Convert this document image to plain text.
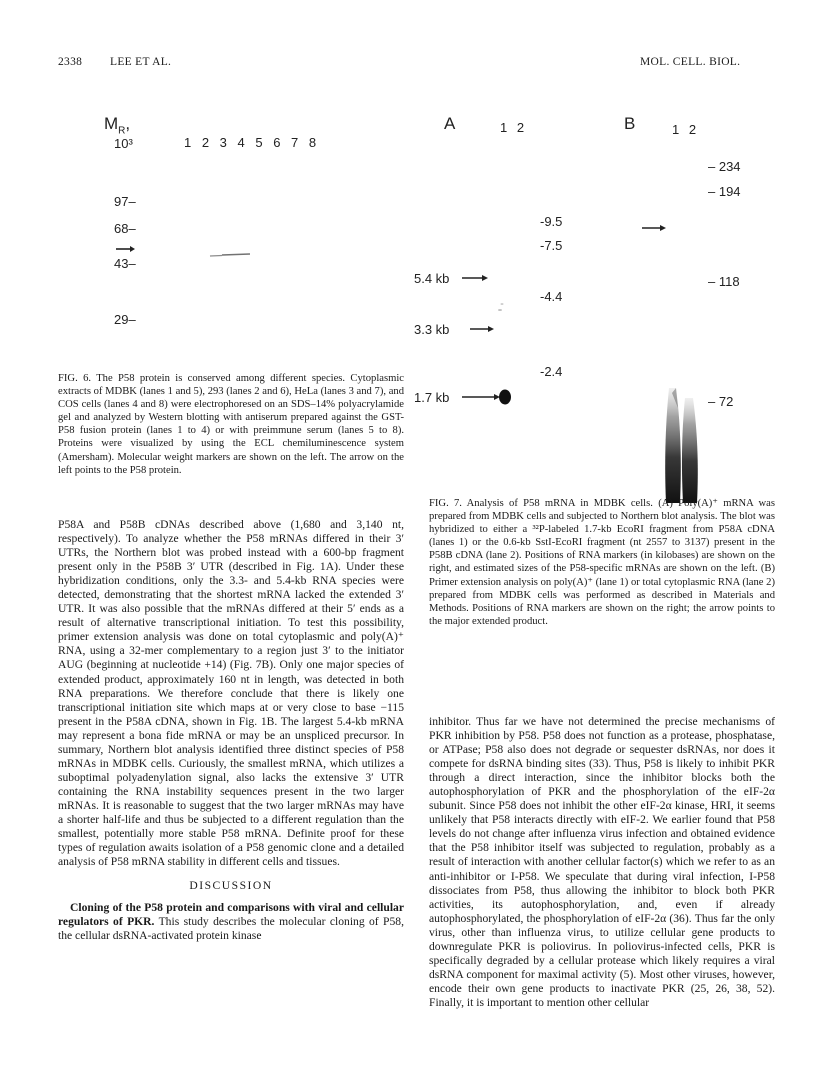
2338 LEE ET AL.	MOL. CELL. BIOL.
$M_R$,
10³	1 2 3 4 5 6 7 8
97–
68–
43–
29–
A	1 2	B	1 2
-9.5
-7.5
-4.4
-2.4
5.4 kb
3.3 kb
1.7 kb
– 234
– 194
– 118
– 72
FIG. 6. The P58 protein is conserved among different species. Cytoplasmic extracts of MDBK (lanes 1 and 5), 293 (lanes 2 and 6), HeLa (lanes 3 and 7), and COS cells (lanes 4 and 8) were electrophoresed on an SDS–14% polyacrylamide gel and analyzed by Western blotting with antiserum prepared against the GST-P58 fusion protein (lanes 1 to 4) or with preimmune serum (lanes 5 to 8). Proteins were visualized by using the ECL chemiluminescence system (Amersham). Molecular weight markers are shown on the left. The arrow on the left points to the P58 protein.
FIG. 7. Analysis of P58 mRNA in MDBK cells. (A) Poly(A)⁺ mRNA was prepared from MDBK cells and subjected to Northern blot analysis. The blot was hybridized to either a ³²P-labeled 1.7-kb EcoRI fragment from P58A cDNA (lanes 1) or the 0.6-kb SstI-EcoRI fragment (nt 2557 to 3137) present in the P58B cDNA (lane 2). Positions of RNA markers (in kilobases) are shown on the right, and estimated sizes of the P58-specific mRNAs are shown on the left. (B) Primer extension analysis on poly(A)⁺ (lane 1) or total cytoplasmic RNA (lane 2) prepared from MDBK cells was performed as described in Materials and Methods. Positions of RNA markers are shown on the right; the arrow points to the major extended product.

P58A and P58B cDNAs described above (1,680 and 3,140 nt, respectively). To analyze whether the P58 mRNAs differed in their 3′ UTRs, the Northern blot was probed instead with a 600-bp fragment present only in the P58B 3′ UTR (described in Fig. 1A). Under these hybridization conditions, only the 3.3- and 5.4-kb RNA species were detected, demonstrating that the shortest mRNA lacked the extended 3′ UTR. It was also possible that the mRNAs differed at their 5′ ends as a result of alternative transcriptional initiation. To test this possibility, primer extension analysis was done on total cytoplasmic and poly(A)⁺ RNA, using a 32-mer complementary to a region just 3′ to the initiator AUG (beginning at nucleotide +14) (Fig. 7B). Only one major species of extended product, approximately 160 nt in length, was detected in both RNA preparations. We therefore conclude that there is likely one transcriptional initiation site which maps at or very close to base −115 present in the P58A cDNA, shown in Fig. 1B. The largest 5.4-kb mRNA may represent a bona fide mRNA or may be an unspliced precursor. In summary, Northern blot analysis identified three distinct species of P58 mRNAs in MDBK cells. Curiously, the smallest mRNA, which utilizes a suboptimal polyadenylation signal, also lacks the extensive 3′ UTR containing the RNA instability sequences present in the two larger mRNAs. It is reasonable to suggest that the two larger mRNAs may have a shorter half-life and thus be subjected to a different regulation than the smallest, potentially more stable P58 mRNA. Definite proof for these types of regulation awaits isolation of a P58 genomic clone and a detailed analysis of P58 mRNA stability in different cells and tissues.

DISCUSSION

Cloning of the P58 protein and comparisons with viral and cellular regulators of PKR. This study describes the molecular cloning of P58, the cellular dsRNA-activated protein kinase

inhibitor. Thus far we have not determined the precise mechanisms of PKR inhibition by P58. P58 does not function as a protease, phosphatase, or ATPase; P58 also does not degrade or sequester dsRNAs, nor does it compete for dsRNA binding sites (33). Thus, P58 is likely to inhibit PKR through a direct interaction, since the inhibitor blocks both the autophosphorylation of PKR and the phosphorylation of the eIF-2α subunit. Since P58 does not inhibit the other eIF-2α kinase, HRI, it seems unlikely that P58 interacts directly with eIF-2. We earlier found that P58 levels do not change after influenza virus infection and obtained evidence that the P58 inhibitor itself was subjected to regulation, probably as a result of interaction with another cellular factor(s) which we refer to as an anti-inhibitor or I-P58. We speculate that during viral infection, I-P58 dissociates from P58, thus allowing the inhibitor to block both PKR activities, its autophosphorylation, and, even if already autophosphorylated, the phosphorylation of eIF-2α (36). Thus far the only virus, other than influenza virus, to utilize cellular gene products to downregulate PKR is poliovirus. In poliovirus-infected cells, PKR is specifically degraded by a cellular protease which likely requires a viral dsRNA component for maximal activity (5). Most other viruses, however, encode their own gene products to inactivate PKR (25, 26, 38, 52). Finally, it is important to mention other cellular
